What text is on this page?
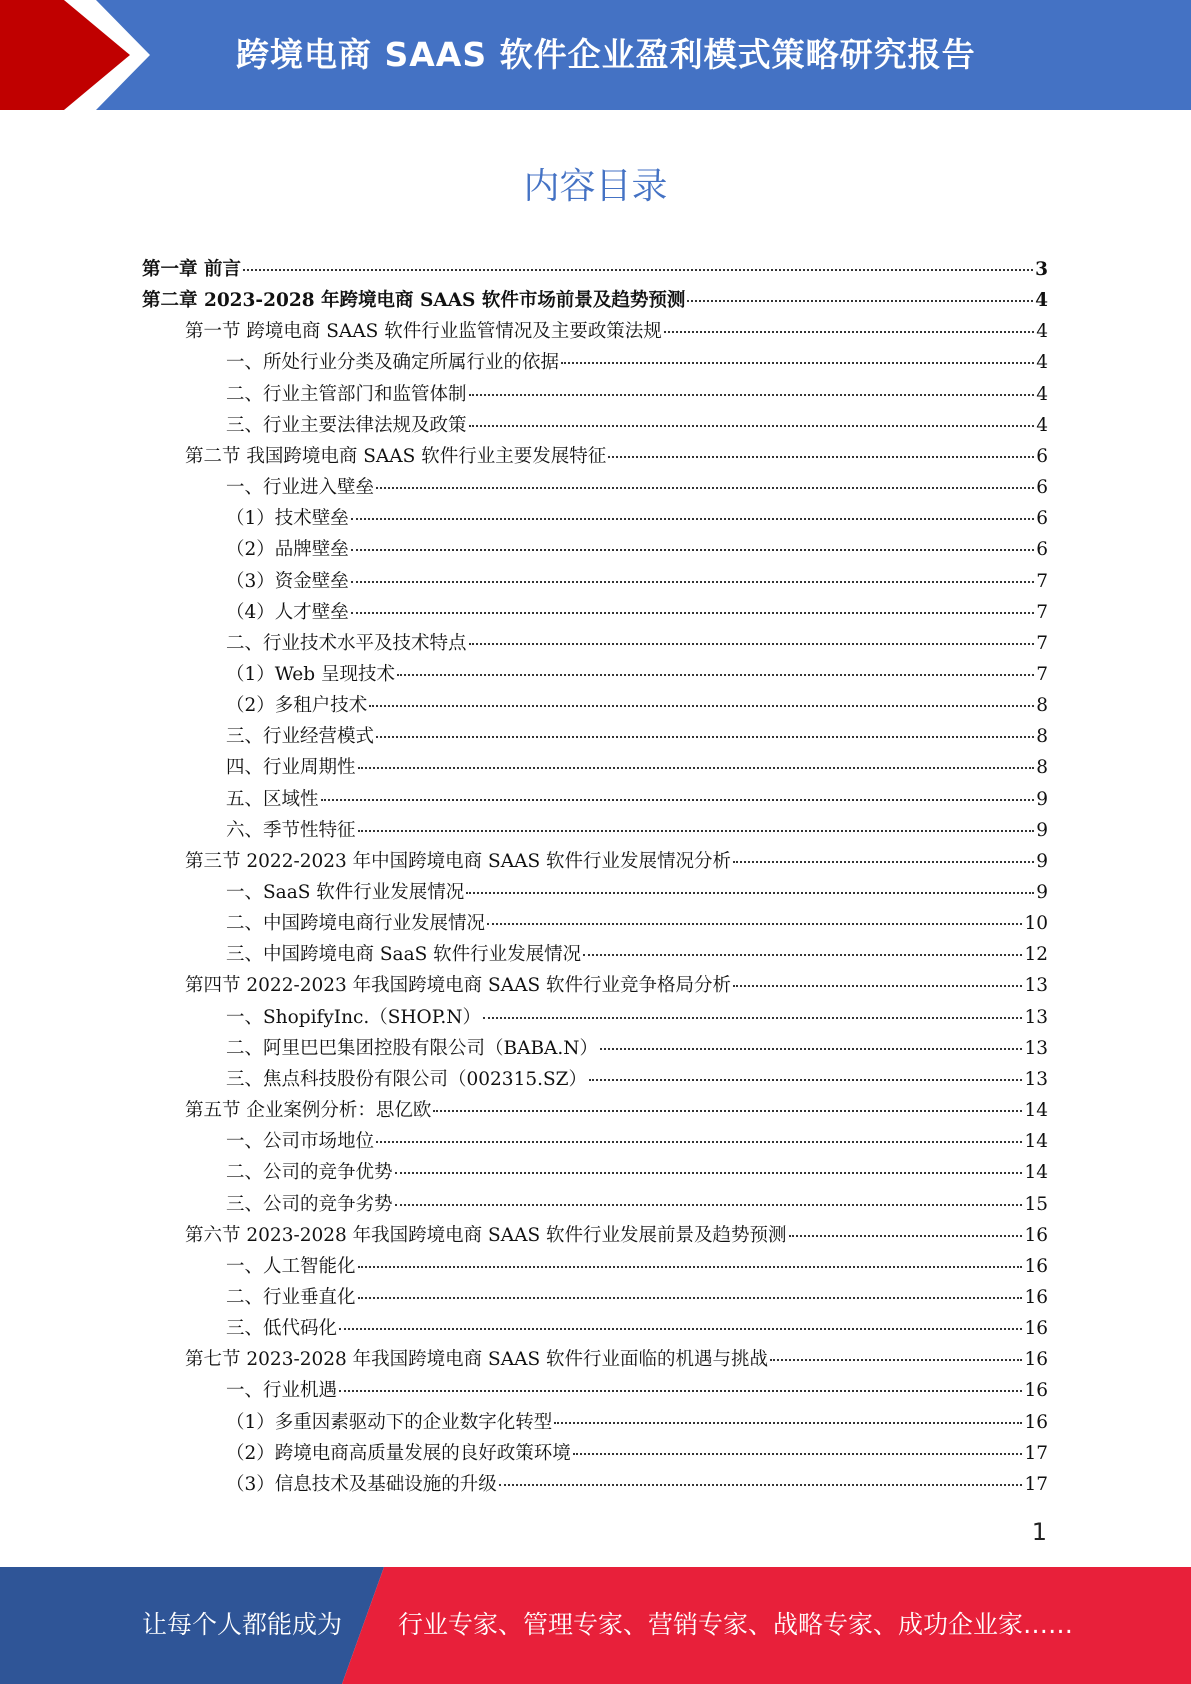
跨境电商 SAAS 软件企业盈利模式策略研究报告
内容目录
第一章 前言	3
第二章 2023-2028 年跨境电商 SAAS 软件市场前景及趋势预测	4
第一节 跨境电商 SAAS 软件行业监管情况及主要政策法规	4
一、所处行业分类及确定所属行业的依据	4
二、行业主管部门和监管体制	4
三、行业主要法律法规及政策	4
第二节 我国跨境电商 SAAS 软件行业主要发展特征	6
一、行业进入壁垒	6
（1）技术壁垒	6
（2）品牌壁垒	6
（3）资金壁垒	7
（4）人才壁垒	7
二、行业技术水平及技术特点	7
（1）Web 呈现技术	7
（2）多租户技术	8
三、行业经营模式	8
四、行业周期性	8
五、区域性	9
六、季节性特征	9
第三节 2022-2023 年中国跨境电商 SAAS 软件行业发展情况分析	9
一、SaaS 软件行业发展情况	9
二、中国跨境电商行业发展情况	10
三、中国跨境电商 SaaS 软件行业发展情况	12
第四节 2022-2023 年我国跨境电商 SAAS 软件行业竞争格局分析	13
一、ShopifyInc.（SHOP.N）	13
二、阿里巴巴集团控股有限公司（BABA.N）	13
三、焦点科技股份有限公司（002315.SZ）	13
第五节 企业案例分析：思亿欧	14
一、公司市场地位	14
二、公司的竞争优势	14
三、公司的竞争劣势	15
第六节 2023-2028 年我国跨境电商 SAAS 软件行业发展前景及趋势预测	16
一、人工智能化	16
二、行业垂直化	16
三、低代码化	16
第七节 2023-2028 年我国跨境电商 SAAS 软件行业面临的机遇与挑战	16
一、行业机遇	16
（1）多重因素驱动下的企业数字化转型	16
（2）跨境电商高质量发展的良好政策环境	17
（3）信息技术及基础设施的升级	17
1
让每个人都能成为 行业专家、管理专家、营销专家、战略专家、成功企业家……
